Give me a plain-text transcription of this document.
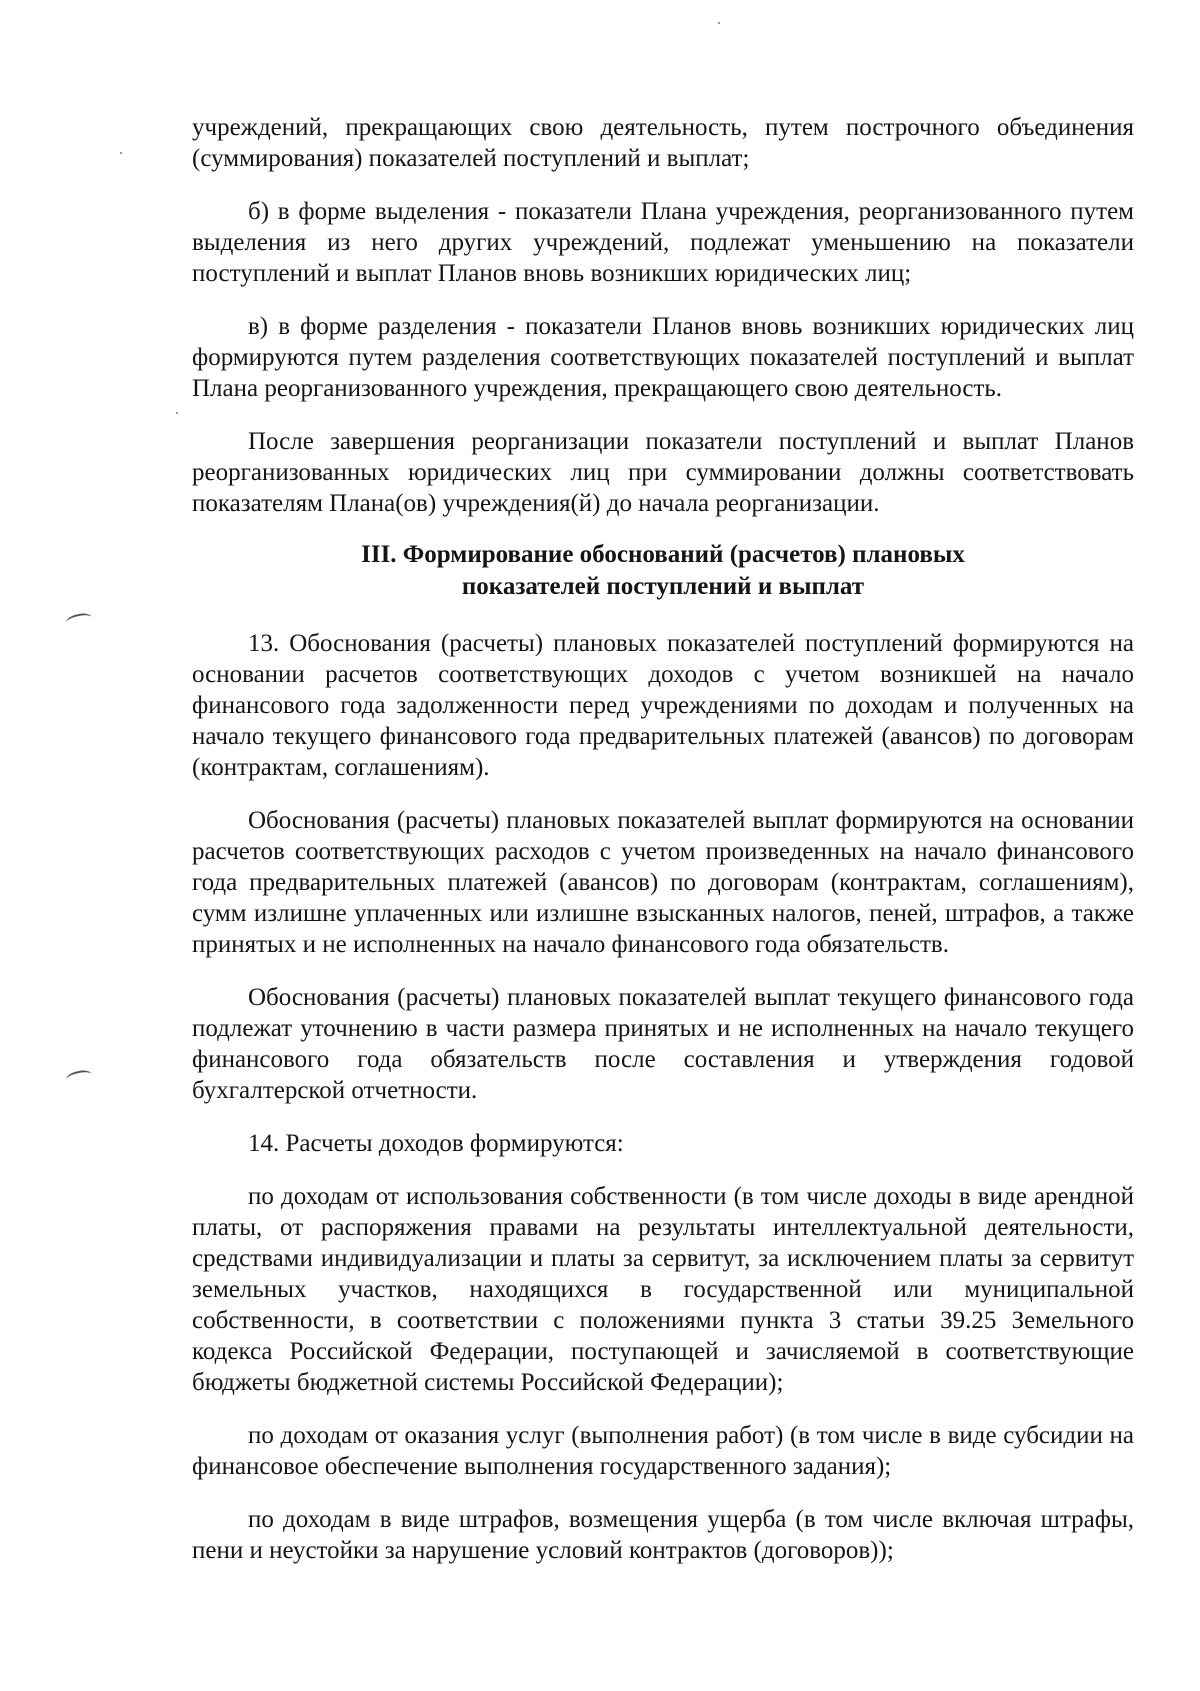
учреждений, прекращающих свою деятельность, путем построчного объединения (суммирования) показателей поступлений и выплат;

б) в форме выделения - показатели Плана учреждения, реорганизованного путем выделения из него других учреждений, подлежат уменьшению на показатели поступлений и выплат Планов вновь возникших юридических лиц;

в) в форме разделения - показатели Планов вновь возникших юридических лиц формируются путем разделения соответствующих показателей поступлений и выплат Плана реорганизованного учреждения, прекращающего свою деятельность.

После завершения реорганизации показатели поступлений и выплат Планов реорганизованных юридических лиц при суммировании должны соответствовать показателям Плана(ов) учреждения(й) до начала реорганизации.

III. Формирование обоснований (расчетов) плановых
показателей поступлений и выплат

13. Обоснования (расчеты) плановых показателей поступлений формируются на основании расчетов соответствующих доходов с учетом возникшей на начало финансового года задолженности перед учреждениями по доходам и полученных на начало текущего финансового года предварительных платежей (авансов) по договорам (контрактам, соглашениям).

Обоснования (расчеты) плановых показателей выплат формируются на основании расчетов соответствующих расходов с учетом произведенных на начало финансового года предварительных платежей (авансов) по договорам (контрактам, соглашениям), сумм излишне уплаченных или излишне взысканных налогов, пеней, штрафов, а также принятых и не исполненных на начало финансового года обязательств.

Обоснования (расчеты) плановых показателей выплат текущего финансового года подлежат уточнению в части размера принятых и не исполненных на начало текущего финансового года обязательств после составления и утверждения годовой бухгалтерской отчетности.

14. Расчеты доходов формируются:

по доходам от использования собственности (в том числе доходы в виде арендной платы, от распоряжения правами на результаты интеллектуальной деятельности, средствами индивидуализации и платы за сервитут, за исключением платы за сервитут земельных участков, находящихся в государственной или муниципальной собственности, в соответствии с положениями пункта 3 статьи 39.25 Земельного кодекса Российской Федерации, поступающей и зачисляемой в соответствующие бюджеты бюджетной системы Российской Федерации);

по доходам от оказания услуг (выполнения работ) (в том числе в виде субсидии на финансовое обеспечение выполнения государственного задания);

по доходам в виде штрафов, возмещения ущерба (в том числе включая штрафы, пени и неустойки за нарушение условий контрактов (договоров));
